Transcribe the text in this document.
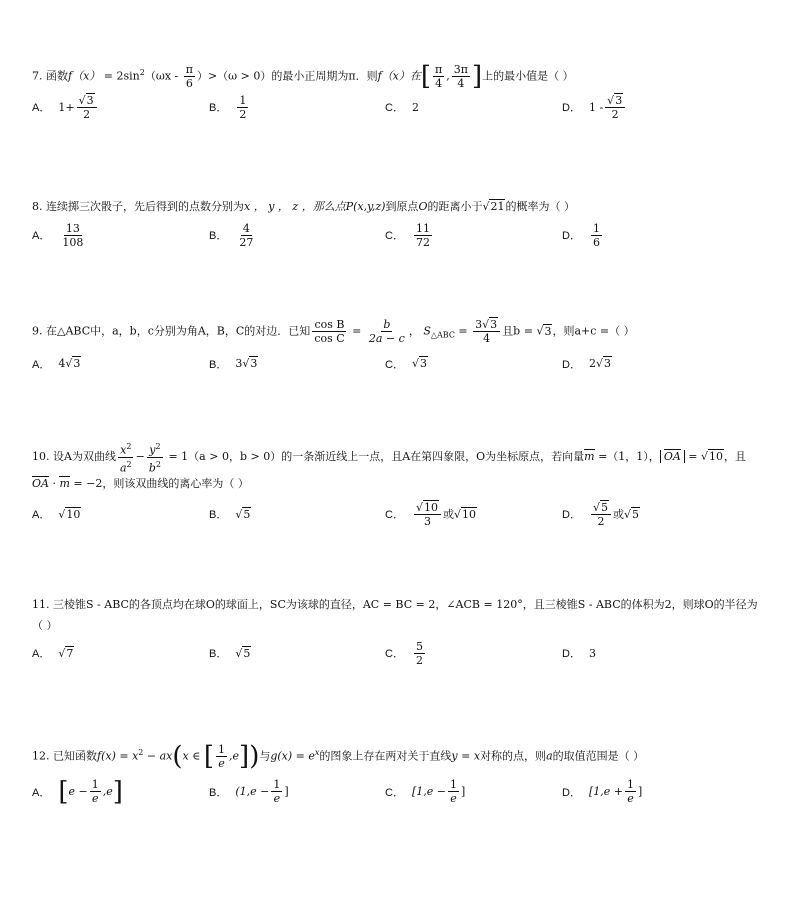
7. 函数$f(x) = 2\sin^2(\omega x - \frac{\pi}{6} )>(\omega > 0)$的最小正周期为π．则f（x）在[ $\frac{\pi}{4}$ , $\frac{3\pi}{4}$ ]上的最小值是（ ）
A． $1+ \frac{√3}{2}$	B． $\frac{1}{2}$	C． 2	D． $1 - \frac{√3}{2}$
8. 连续掷三次骰子，先后得到的点数分别为x ， y ， z ，那么点P(x,y,z)到原点O的距离小于√21的概率为（ ）
A． $\frac{13}{108}$	B． $\frac{4}{27}$	C． $\frac{11}{72}$	D． $\frac{1}{6}$
9. 在△ABC中，a，b，c分别为角A，B，C的对边．已知 $\frac{\text{cos B}}{\text{cos C}} = \frac{b}{2a - c}$ ， $S_{\triangle ABC} = \frac{3√3}{4}$ 且b = √3，则a+c =（ ）
A． 4 √ 3	B． 3 √ 3	C． √ 3	D． 2 √ 3
10. 设A为双曲线 $\frac{x^2}{a^2} - \frac{y^2}{b^2} = 1(a > 0$，b > 0）的一条渐近线上一点，且A在第四象限，O为坐标原点，若向量m =（1，1）， OA = √10，且
OA · m = −2，则该双曲线的离心率为（ ）
A． √ 10	B． √ 5	C． $\frac{√10}{3}$ 或 √ 10	D． $\frac{√5}{2}$ 或 √ 5
11. 三棱锥S - ABC的各顶点均在球O的球面上，SC为该球的直径，AC = BC = 2，∠ACB = 120°，且三棱锥S - ABC的体积为2，则球O的半径为
（ ）
A． √ 7	B． √ 5	C． $\frac{5}{2}$	D． 3
12. 已知函数$f(x) = x^2 - ax(x$ ∈ [ $\frac{1}{e} ,e$])与$g(x) = e^x$的图象上存在两对关于直线y = x对称的点，则a的取值范围是（ ）
A． [ $e - \frac{1}{e} ,e$ ]	B． ($1,e - \frac{1}{e}$ ]	C． [$1,e - \frac{1}{e}$ ]	D． [$1,e + \frac{1}{e}$ ]
